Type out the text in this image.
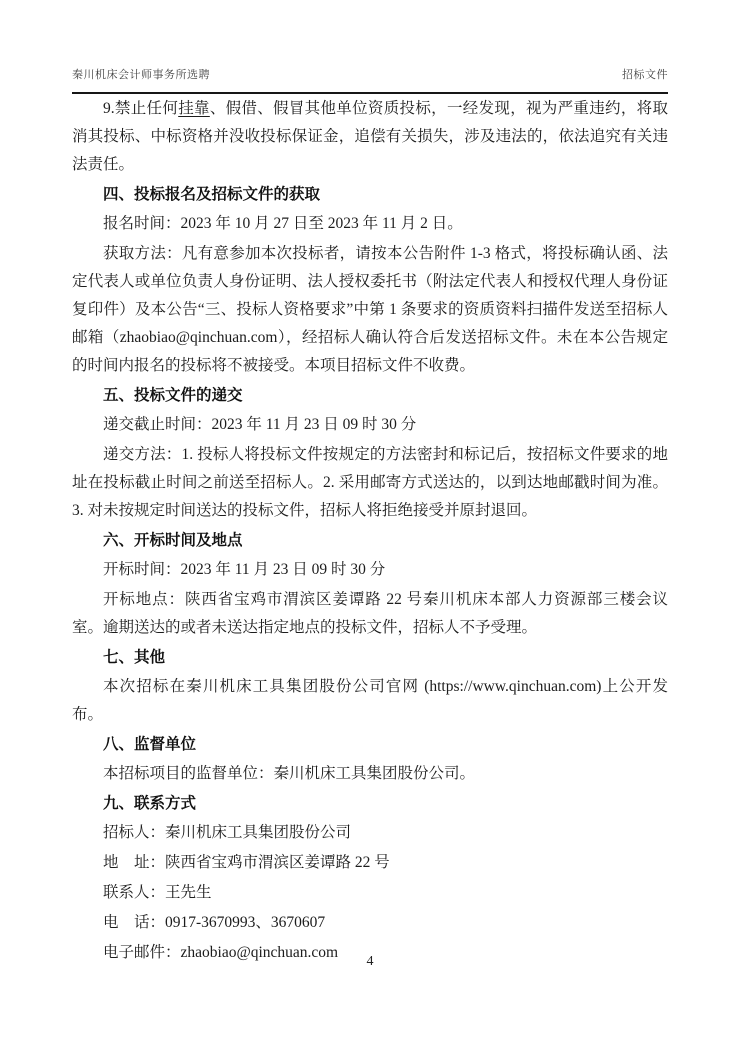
秦川机床会计师事务所选聘	招标文件

9.禁止任何挂靠、假借、假冒其他单位资质投标，一经发现，视为严重违约，将取消其投标、中标资格并没收投标保证金，追偿有关损失，涉及违法的，依法追究有关违法责任。

四、投标报名及招标文件的获取

报名时间：2023 年 10 月 27 日至 2023 年 11 月 2 日。

获取方法：凡有意参加本次投标者，请按本公告附件 1-3 格式，将投标确认函、法定代表人或单位负责人身份证明、法人授权委托书（附法定代表人和授权代理人身份证复印件）及本公告“三、投标人资格要求”中第 1 条要求的资质资料扫描件发送至招标人邮箱（zhaobiao@qinchuan.com），经招标人确认符合后发送招标文件。未在本公告规定的时间内报名的投标将不被接受。本项目招标文件不收费。

五、投标文件的递交

递交截止时间：2023 年 11 月 23 日 09 时 30 分

递交方法：1. 投标人将投标文件按规定的方法密封和标记后，按招标文件要求的地址在投标截止时间之前送至招标人。2. 采用邮寄方式送达的，以到达地邮戳时间为准。3. 对未按规定时间送达的投标文件，招标人将拒绝接受并原封退回。

六、开标时间及地点

开标时间：2023 年 11 月 23 日 09 时 30 分

开标地点：陕西省宝鸡市渭滨区姜谭路 22 号秦川机床本部人力资源部三楼会议室。逾期送达的或者未送达指定地点的投标文件，招标人不予受理。

七、其他

本次招标在秦川机床工具集团股份公司官网 (https://www.qinchuan.com)上公开发布。

八、监督单位

本招标项目的监督单位：秦川机床工具集团股份公司。

九、联系方式

招标人：秦川机床工具集团股份公司

地　址：陕西省宝鸡市渭滨区姜谭路 22 号

联系人：王先生

电　话：0917-3670993、3670607

电子邮件：zhaobiao@qinchuan.com

4
